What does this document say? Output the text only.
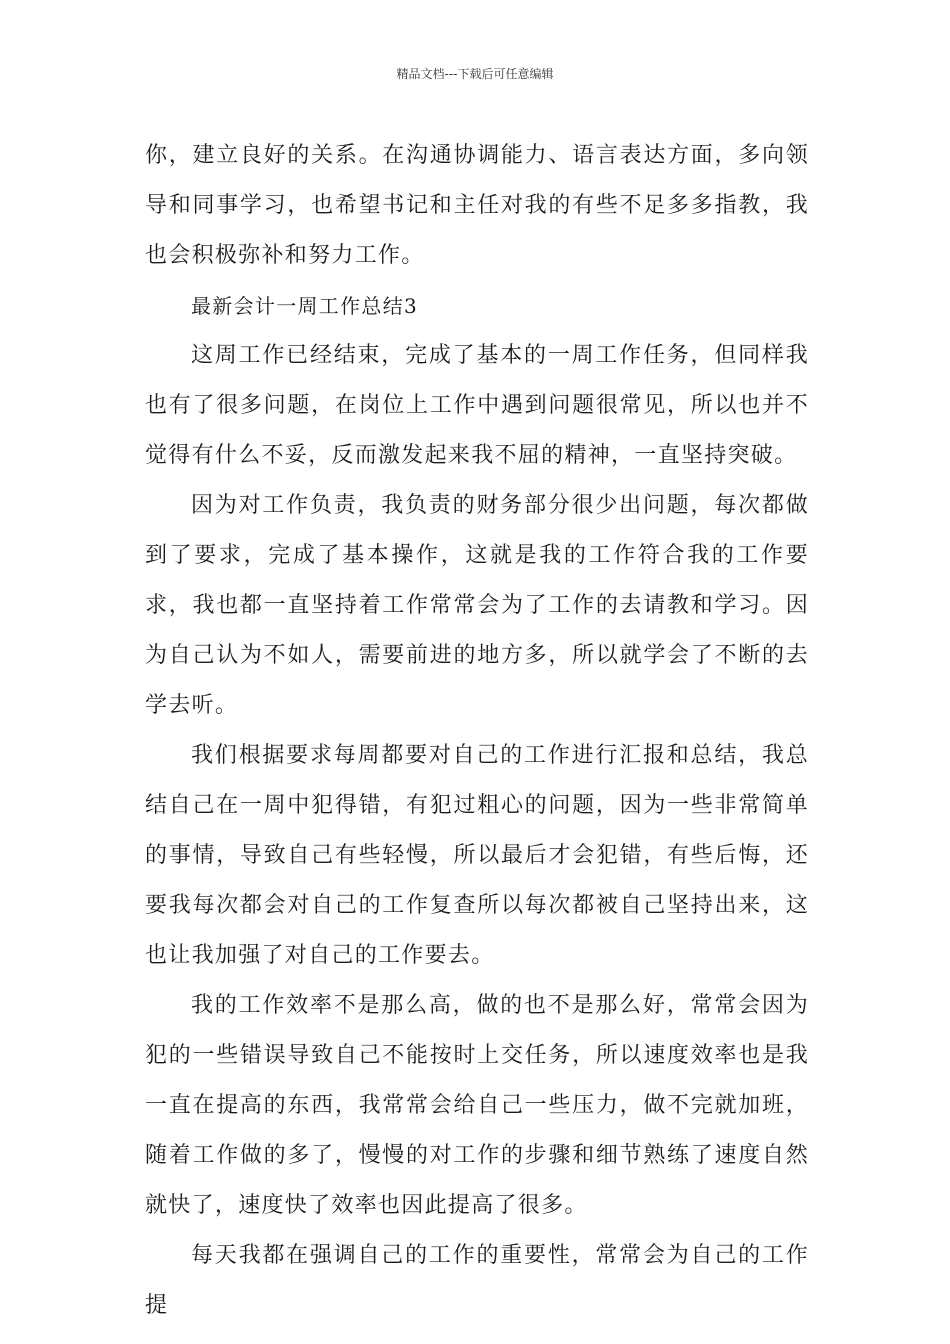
精品文档---下载后可任意编辑

你，建立良好的关系。在沟通协调能力、语言表达方面，多向领导和同事学习，也希望书记和主任对我的有些不足多多指教，我也会积极弥补和努力工作。

最新会计一周工作总结3

这周工作已经结束，完成了基本的一周工作任务，但同样我也有了很多问题，在岗位上工作中遇到问题很常见，所以也并不觉得有什么不妥，反而激发起来我不屈的精神，一直坚持突破。

因为对工作负责，我负责的财务部分很少出问题，每次都做到了要求，完成了基本操作，这就是我的工作符合我的工作要求，我也都一直坚持着工作常常会为了工作的去请教和学习。因为自己认为不如人，需要前进的地方多，所以就学会了不断的去学去听。

我们根据要求每周都要对自己的工作进行汇报和总结，我总结自己在一周中犯得错，有犯过粗心的问题，因为一些非常简单的事情，导致自己有些轻慢，所以最后才会犯错，有些后悔，还要我每次都会对自己的工作复查所以每次都被自己坚持出来，这也让我加强了对自己的工作要去。

我的工作效率不是那么高，做的也不是那么好，常常会因为犯的一些错误导致自己不能按时上交任务，所以速度效率也是我一直在提高的东西，我常常会给自己一些压力，做不完就加班，随着工作做的多了，慢慢的对工作的步骤和细节熟练了速度自然就快了，速度快了效率也因此提高了很多。

每天我都在强调自己的工作的重要性，常常会为自己的工作提
